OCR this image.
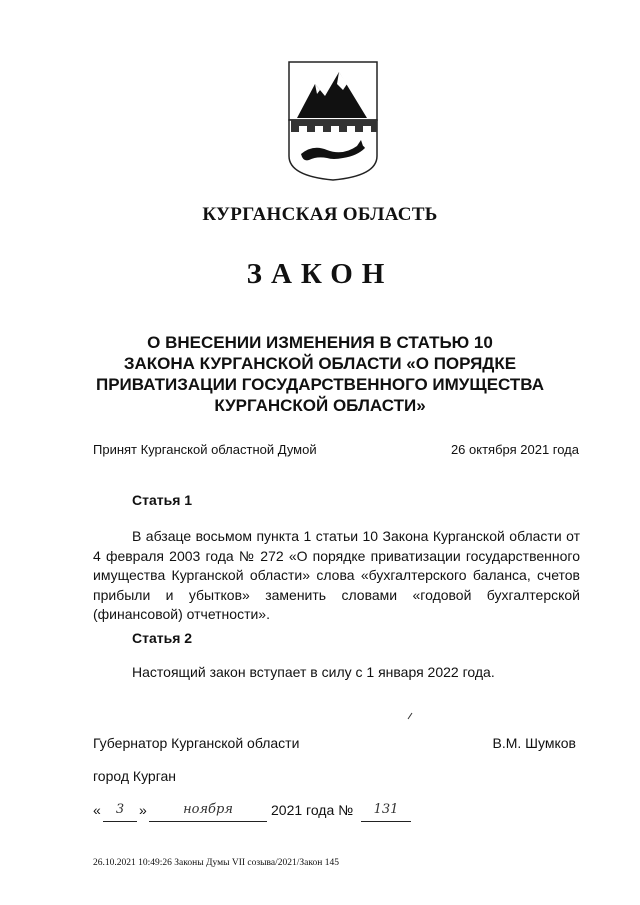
КУРГАНСКАЯ ОБЛАСТЬ
ЗАКОН
О ВНЕСЕНИИ ИЗМЕНЕНИЯ В СТАТЬЮ 10
ЗАКОНА КУРГАНСКОЙ ОБЛАСТИ «О ПОРЯДКЕ
ПРИВАТИЗАЦИИ ГОСУДАРСТВЕННОГО ИМУЩЕСТВА
КУРГАНСКОЙ ОБЛАСТИ»
Принят Курганской областной Думой	26 октября 2021 года
Статья 1
В абзаце восьмом пункта 1 статьи 10 Закона Курганской области от 4 февраля 2003 года № 272 «О порядке приватизации государственного имущества Курганской области» слова «бухгалтерского баланса, счетов прибыли и убытков» заменить словами «годовой бухгалтерской (финансовой) отчетности».
Статья 2
Настоящий закон вступает в силу с 1 января 2022 года.
Губернатор Курганской области	В.М. Шумков
город Курган
«	3	»	ноября	2021 года №	131
26.10.2021 10:49:26 Законы Думы VII созыва/2021/Закон 145
